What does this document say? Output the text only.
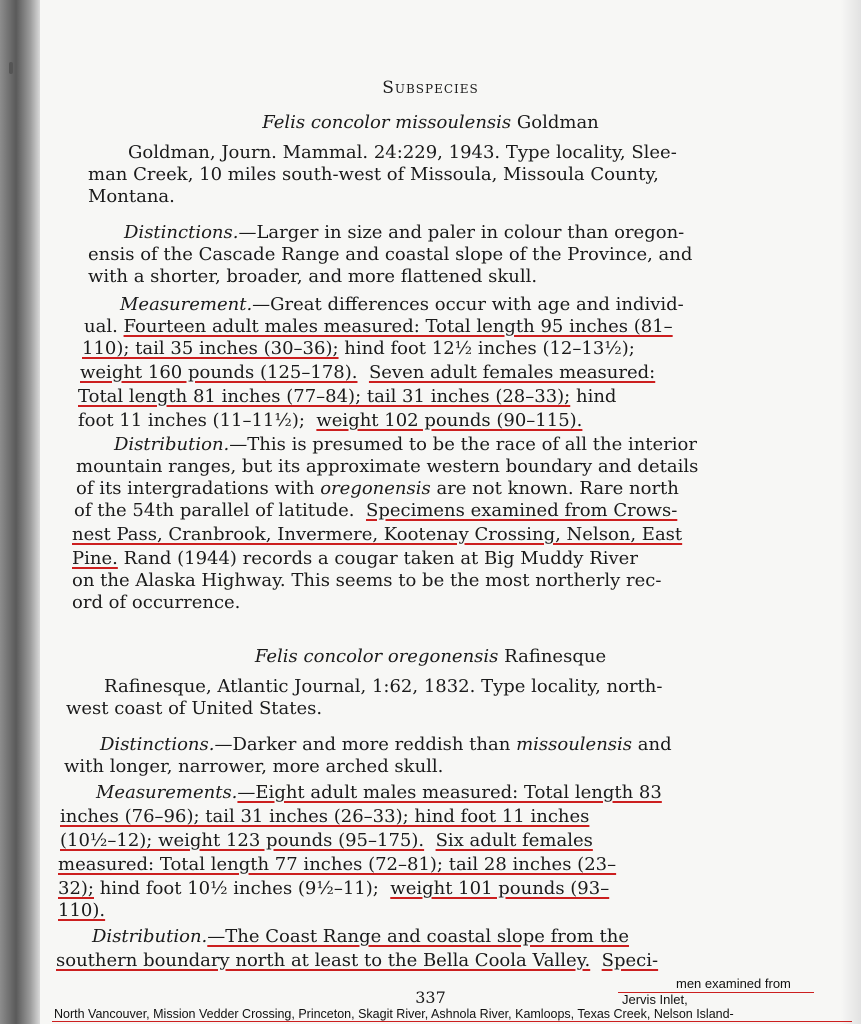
Subspecies
Felis concolor missoulensis Goldman
Goldman, Journ. Mammal. 24:229, 1943. Type locality, Slee-
man Creek, 10 miles south-west of Missoula, Missoula County,
Montana.
Distinctions.—Larger in size and paler in colour than oregon-
ensis of the Cascade Range and coastal slope of the Province, and
with a shorter, broader, and more flattened skull.
Measurement.—Great differences occur with age and individ-
ual. Fourteen adult males measured: Total length 95 inches (81–
110); tail 35 inches (30–36); hind foot 12½ inches (12–13½);
weight 160 pounds (125–178). Seven adult females measured:
Total length 81 inches (77–84); tail 31 inches (28–33); hind
foot 11 inches (11–11½); weight 102 pounds (90–115).
Distribution.—This is presumed to be the race of all the interior
mountain ranges, but its approximate western boundary and details
of its intergradations with oregonensis are not known. Rare north
of the 54th parallel of latitude. Specimens examined from Crows-
nest Pass, Cranbrook, Invermere, Kootenay Crossing, Nelson, East
Pine. Rand (1944) records a cougar taken at Big Muddy River
on the Alaska Highway. This seems to be the most northerly rec-
ord of occurrence.
Felis concolor oregonensis Rafinesque
Rafinesque, Atlantic Journal, 1:62, 1832. Type locality, north-
west coast of United States.
Distinctions.—Darker and more reddish than missoulensis and
with longer, narrower, more arched skull.
Measurements.—Eight adult males measured: Total length 83
inches (76–96); tail 31 inches (26–33); hind foot 11 inches
(10½–12); weight 123 pounds (95–175). Six adult females
measured: Total length 77 inches (72–81); tail 28 inches (23–
32); hind foot 10½ inches (9½–11); weight 101 pounds (93–
110).
Distribution.—The Coast Range and coastal slope from the
southern boundary north at least to the Bella Coola Valley. Speci-
men examined from
Jervis Inlet,
337
North Vancouver, Mission Vedder Crossing, Princeton, Skagit River, Ashnola River, Kamloops, Texas Creek, Nelson Island-
